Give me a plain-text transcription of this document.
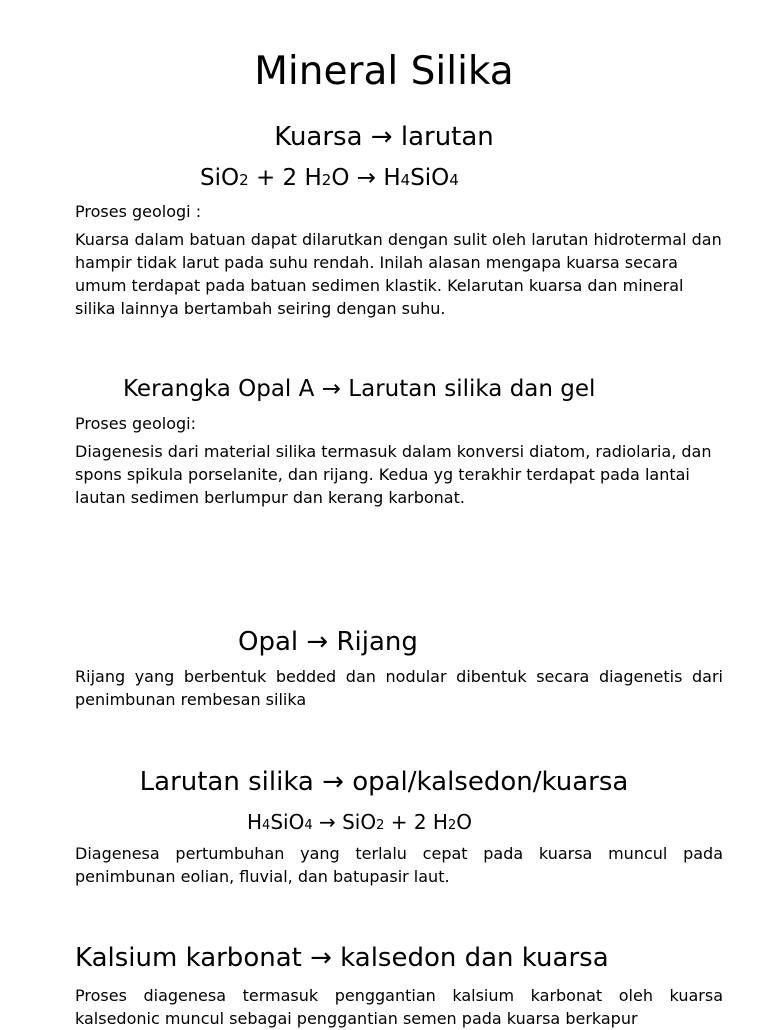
Mineral Silika
Kuarsa → larutan
SiO2 + 2 H2O → H4SiO4
Proses geologi :

Kuarsa dalam batuan dapat dilarutkan dengan sulit oleh larutan hidrotermal dan hampir tidak larut pada suhu rendah. Inilah alasan mengapa kuarsa secara umum terdapat pada batuan sedimen klastik. Kelarutan kuarsa dan mineral silika lainnya bertambah seiring dengan suhu.

Kerangka Opal A → Larutan silika dan gel
Proses geologi:

Diagenesis dari material silika termasuk dalam konversi diatom, radiolaria, dan spons spikula porselanite, dan rijang. Kedua yg terakhir terdapat pada lantai lautan sedimen berlumpur dan kerang karbonat.

Opal → Rijang

Rijang yang berbentuk bedded dan nodular dibentuk secara diagenetis dari penimbunan rembesan silika

Larutan silika → opal/kalsedon/kuarsa
H4SiO4 → SiO2 + 2 H2O

Diagenesa pertumbuhan yang terlalu cepat pada kuarsa muncul pada penimbunan eolian, fluvial, dan batupasir laut.

Kalsium karbonat → kalsedon dan kuarsa

Proses diagenesa termasuk penggantian kalsium karbonat oleh kuarsa kalsedonic muncul sebagai penggantian semen pada kuarsa berkapur
